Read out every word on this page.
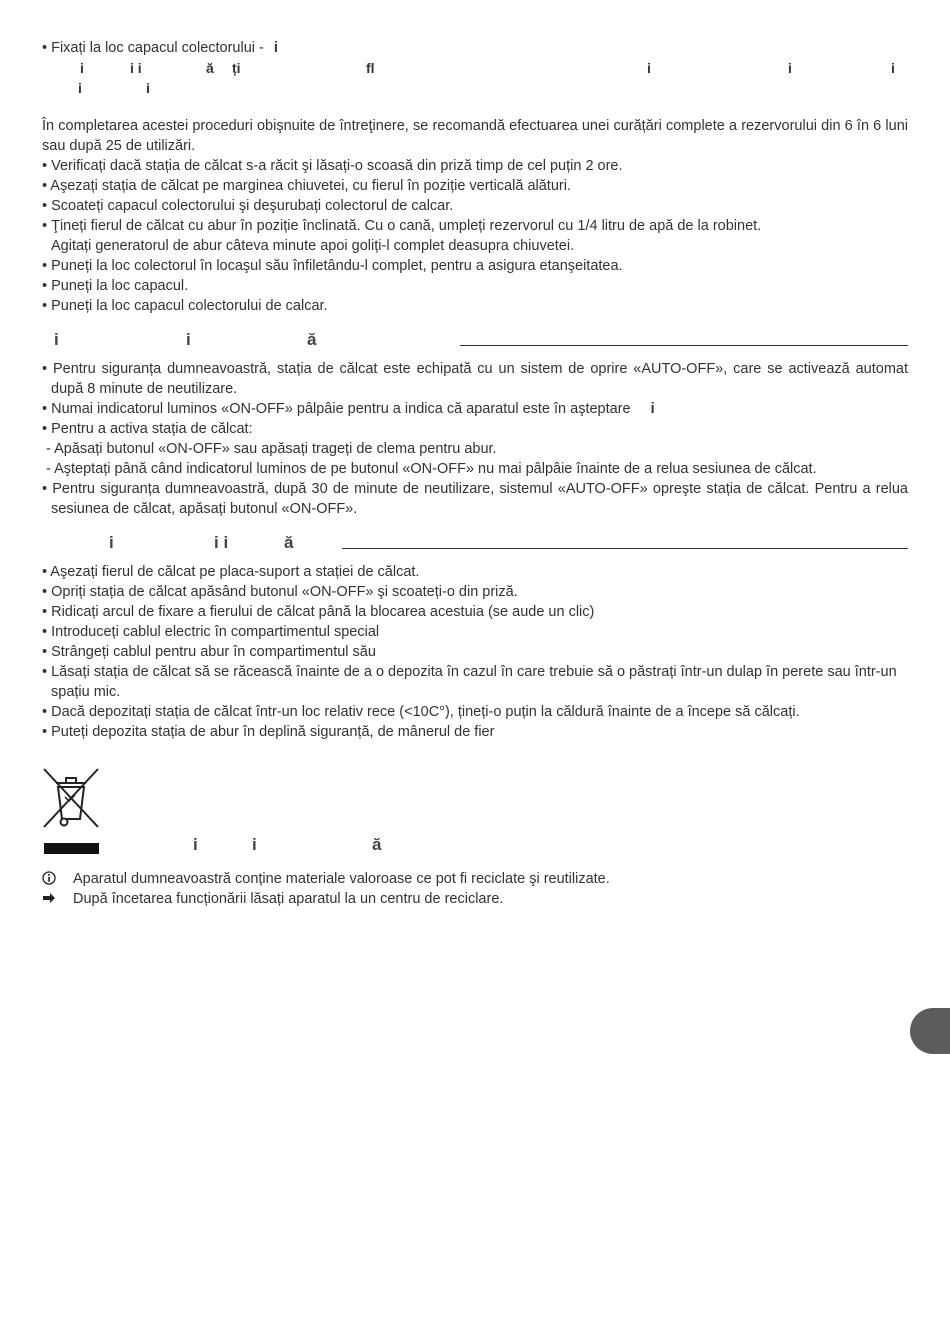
• Fixați la loc capacul colectorului - i
i	i i	ă ți	fl	i	i	i
i	i
În completarea acestei proceduri obişnuite de întreţinere, se recomandă efectuarea unei curățări complete a rezervorului din 6 în 6 luni sau după 25 de utilizări.
• Verificați dacă stația de călcat s-a răcit şi lăsați-o scoasă din priză timp de cel puțin 2 ore.
• Aşezați stația de călcat pe marginea chiuvetei, cu fierul în poziție verticală alături.
• Scoateți capacul colectorului şi deşurubați colectorul de calcar.
• Ţineți fierul de călcat cu abur în poziție înclinată. Cu o cană, umpleți rezervorul cu 1/4 litru de apă de la robinet.
Agitați generatorul de abur câteva minute apoi goliți-l complet deasupra chiuvetei.
• Puneți la loc colectorul în locaşul său înfiletându-l complet, pentru a asigura etanşeitatea.
• Puneți la loc capacul.
• Puneți la loc capacul colectorului de calcar.
i	i	ă
• Pentru siguranța dumneavoastră, stația de călcat este echipată cu un sistem de oprire «AUTO-OFF», care se activează automat după 8 minute de neutilizare.
• Numai indicatorul luminos «ON-OFF» pâlpâie pentru a indica că aparatul este în aşteptare i
• Pentru a activa stația de călcat:
- Apăsați butonul «ON-OFF» sau apăsați trageți de clema pentru abur.
- Aşteptați până când indicatorul luminos de pe butonul «ON-OFF» nu mai pâlpâie înainte de a relua sesiunea de călcat.
• Pentru siguranța dumneavoastră, după 30 de minute de neutilizare, sistemul «AUTO-OFF» opreşte stația de călcat. Pentru a relua sesiunea de călcat, apăsați butonul «ON-OFF».
i	i i	ă
• Aşezați fierul de călcat pe placa-suport a stației de călcat.
• Opriți stația de călcat apăsând butonul «ON-OFF» şi scoateți-o din priză.
• Ridicați arcul de fixare a fierului de călcat până la blocarea acestuia (se aude un clic)
• Introduceți cablul electric în compartimentul special
• Strângeți cablul pentru abur în compartimentul său
• Lăsați stația de călcat să se răcească înainte de a o depozita în cazul în care trebuie să o păstrați într-un dulap în perete sau într-un spațiu mic.
• Dacă depozitați stația de călcat într-un loc relativ rece (<10C°), țineți-o puțin la căldură înainte de a începe să călcați.
• Puteți depozita stația de abur în deplină siguranță, de mânerul de fier
i	i	ă
Aparatul dumneavoastră conține materiale valoroase ce pot fi reciclate şi reutilizate.
După încetarea funcționării lăsați aparatul la un centru de reciclare.
